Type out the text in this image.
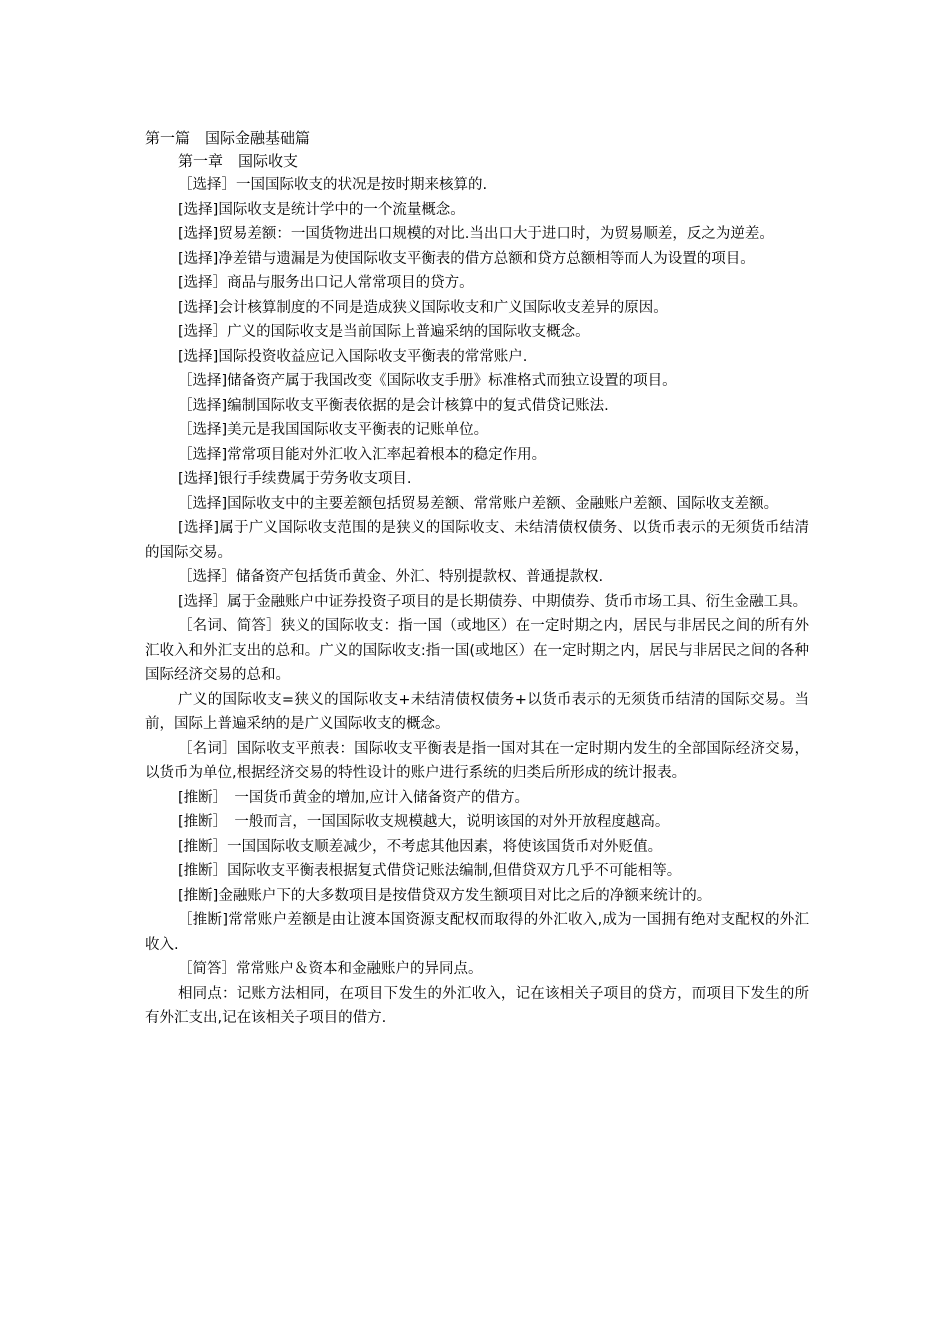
第一篇　国际金融基础篇
第一章　国际收支

［选择］一国国际收支的状况是按时期来核算的.

[选择]国际收支是统计学中的一个流量概念。

[选择]贸易差额：一国货物进出口规模的对比.当出口大于进口时，为贸易顺差，反之为逆差。

[选择]净差错与遗漏是为使国际收支平衡表的借方总额和贷方总额相等而人为设置的项目。

[选择］商品与服务出口记人常常项目的贷方。

[选择]会计核算制度的不同是造成狭义国际收支和广义国际收支差异的原因。

[选择］广义的国际收支是当前国际上普遍采纳的国际收支概念。

[选择]国际投资收益应记入国际收支平衡表的常常账户.

［选择]储备资产属于我国改变《国际收支手册》标准格式而独立设置的项目。

［选择]编制国际收支平衡表依据的是会计核算中的复式借贷记账法.

［选择]美元是我国国际收支平衡表的记账单位。

［选择]常常项目能对外汇收入汇率起着根本的稳定作用。

[选择]银行手续费属于劳务收支项目.

［选择]国际收支中的主要差额包括贸易差额、常常账户差额、金融账户差额、国际收支差额。

[选择]属于广义国际收支范围的是狭义的国际收支、未结清债权债务、以货币表示的无须货币结清的国际交易。

［选择］储备资产包括货币黄金、外汇、特别提款权、普通提款权.

[选择］属于金融账户中证券投资子项目的是长期债券、中期债券、货币市场工具、衍生金融工具。

［名词、简答］狭义的国际收支：指一国（或地区）在一定时期之内，居民与非居民之间的所有外汇收入和外汇支出的总和。广义的国际收支:指一国(或地区）在一定时期之内，居民与非居民之间的各种国际经济交易的总和。

广义的国际收支=狭义的国际收支+未结清债权债务+以货币表示的无须货币结清的国际交易。当前，国际上普遍采纳的是广义国际收支的概念。

［名词］国际收支平煎表：国际收支平衡表是指一国对其在一定时期内发生的全部国际经济交易，以货币为单位,根据经济交易的特性设计的账户进行系统的归类后所形成的统计报表。

[推断］　一国货币黄金的增加,应计入储备资产的借方。

[推断］　一般而言，一国国际收支规模越大，说明该国的对外开放程度越高。

[推断］一国国际收支顺差减少，不考虑其他因素，将使该国货币对外贬值。

[推断］国际收支平衡表根据复式借贷记账法编制,但借贷双方几乎不可能相等。

[推断]金融账户下的大多数项目是按借贷双方发生额项目对比之后的净额来统计的。

［推断]常常账户差额是由让渡本国资源支配权而取得的外汇收入,成为一国拥有绝对支配权的外汇收入.

［简答］常常账户＆资本和金融账户的异同点。

相同点：记账方法相同，在项目下发生的外汇收入，记在该相关子项目的贷方，而项目下发生的所有外汇支出,记在该相关子项目的借方.
